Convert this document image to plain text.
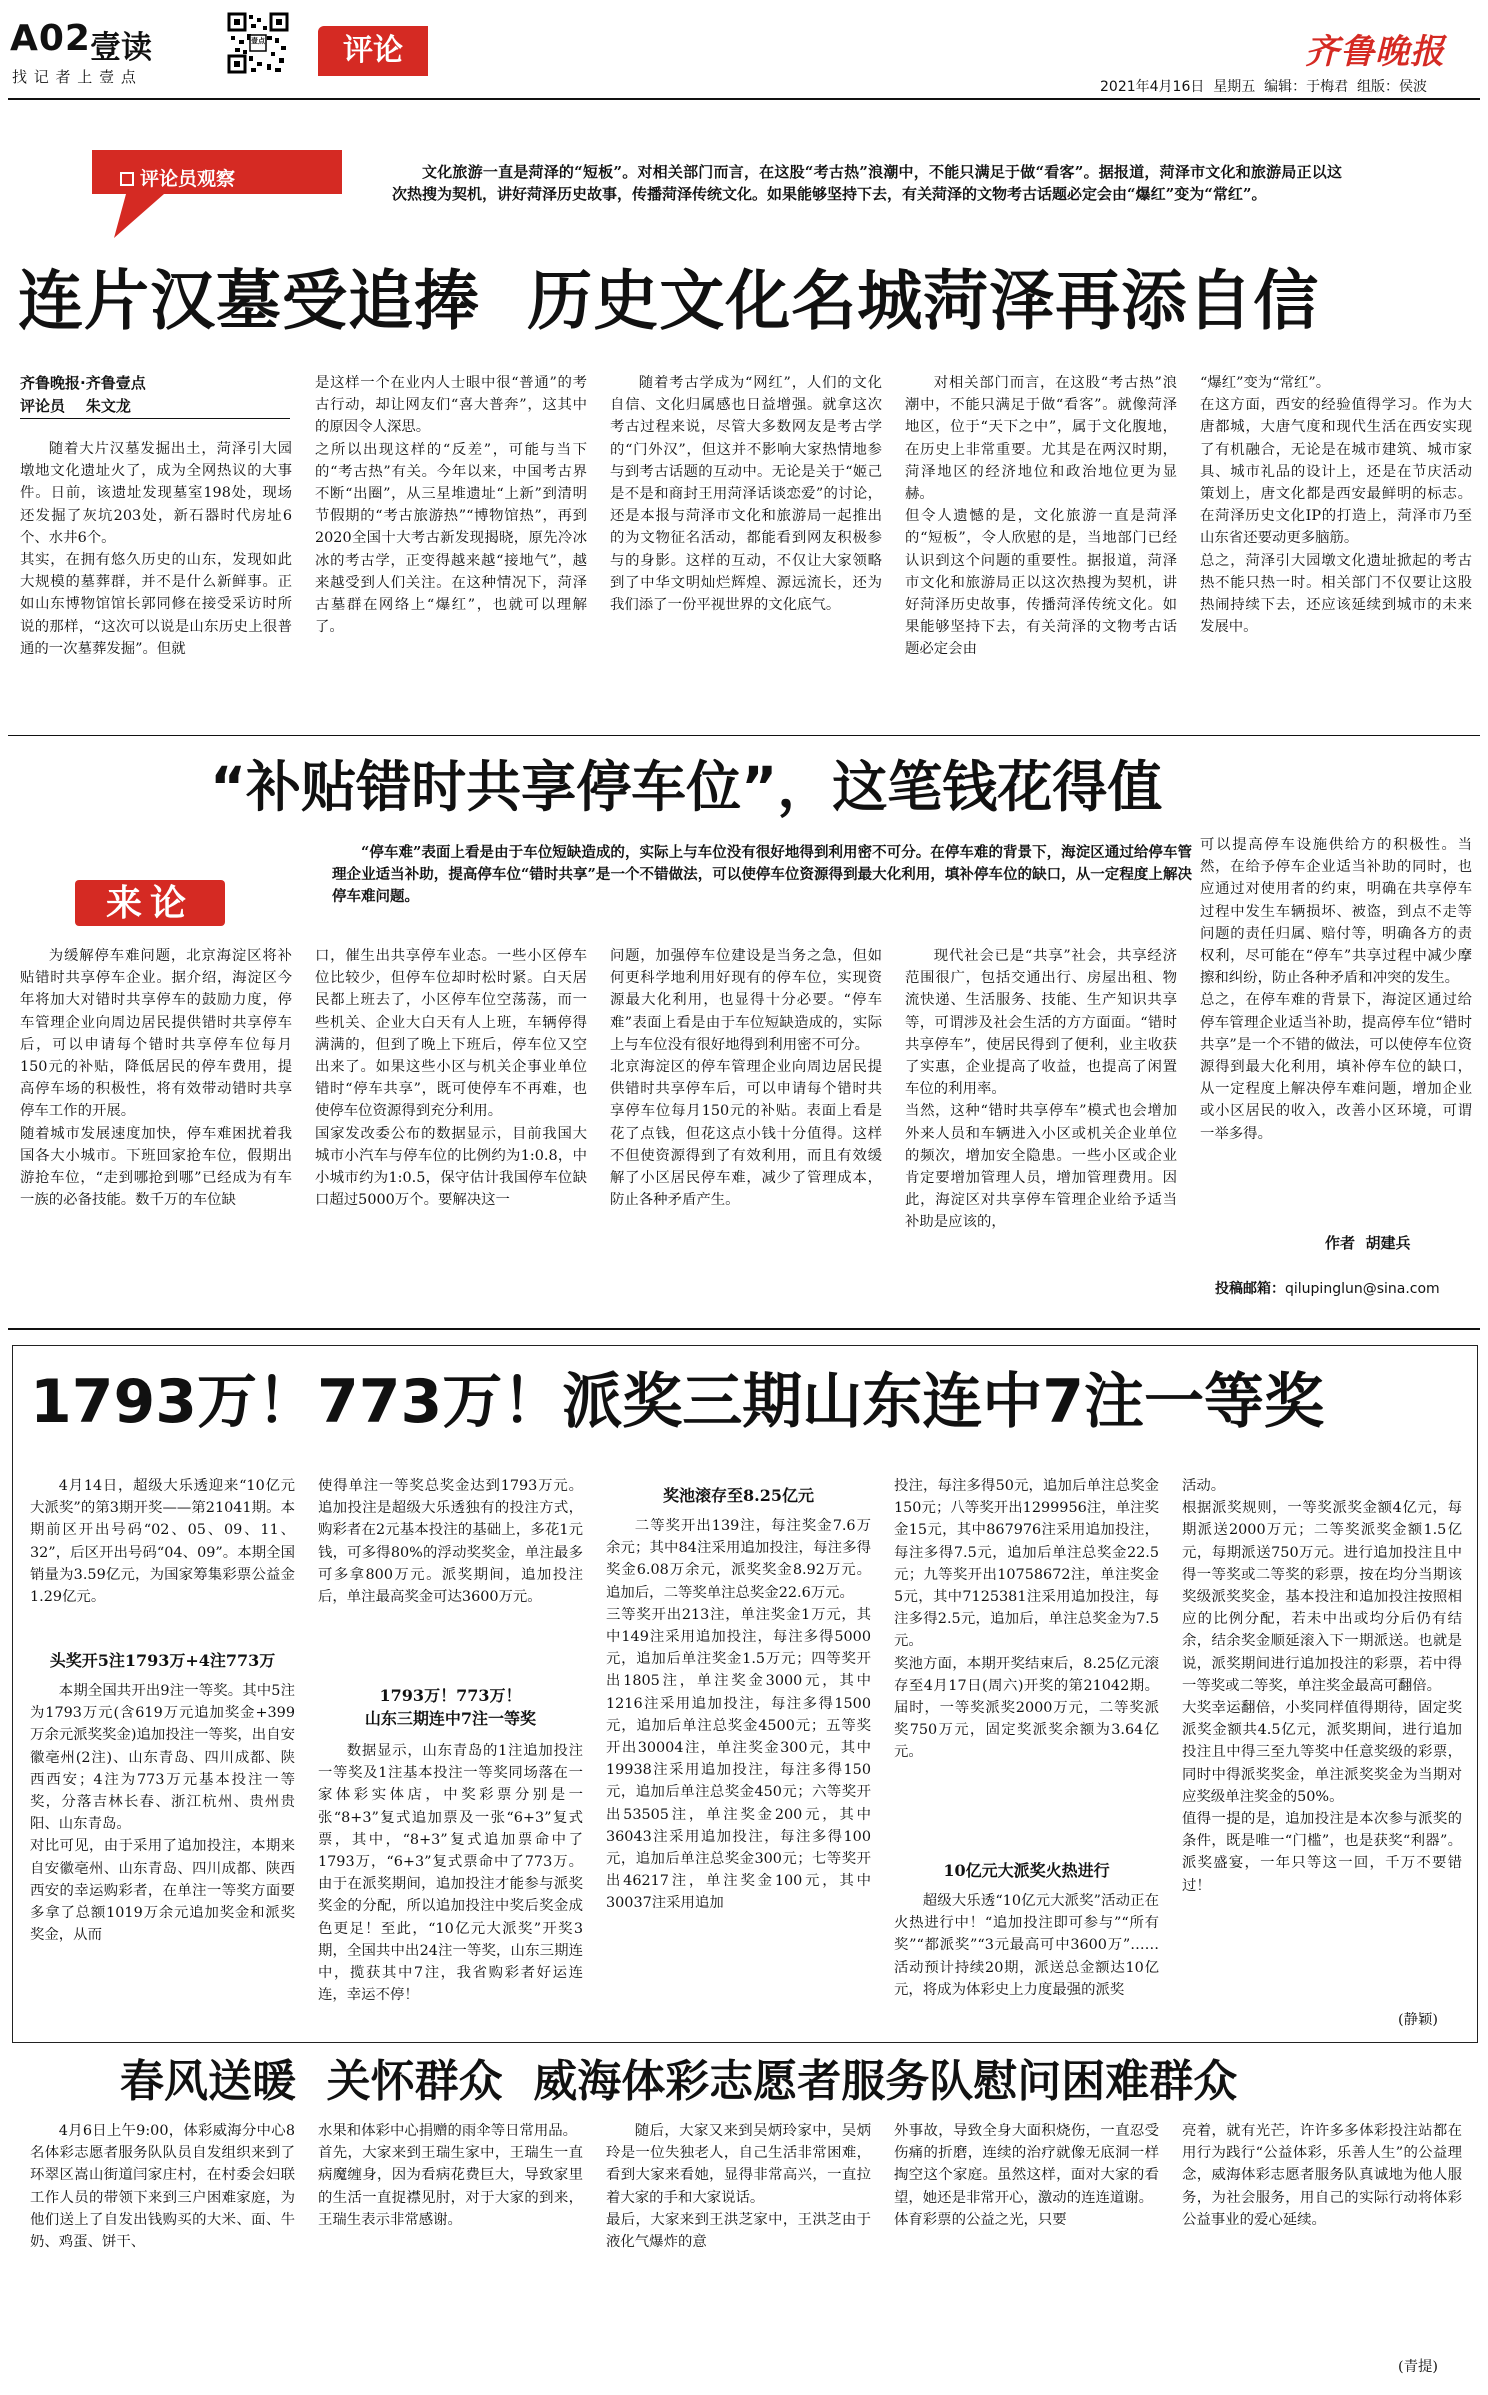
A02 壹读	壹点
找 记 者 上 壹 点
评论	齐鲁晚报
2021年4月16日  星期五  编辑：于梅君  组版：侯波
评论员观察	文化旅游一直是菏泽的“短板”。对相关部门而言，在这股“考古热”浪潮中，不能只满足于做“看客”。据报道，菏泽市文化和旅游局正以这次热搜为契机，讲好菏泽历史故事，传播菏泽传统文化。如果能够坚持下去，有关菏泽的文物考古话题必定会由“爆红”变为“常红”。
连片汉墓受追捧  历史文化名城菏泽再添自信
齐鲁晚报·齐鲁壹点
评论员    朱文龙
随着大片汉墓发掘出土，菏泽引大园墩地文化遗址火了，成为全网热议的大事件。日前，该遗址发现墓室198处，现场还发掘了灰坑203处，新石器时代房址6个、水井6个。
其实，在拥有悠久历史的山东，发现如此大规模的墓葬群，并不是什么新鲜事。正如山东博物馆馆长郭同修在接受采访时所说的那样，“这次可以说是山东历史上很普通的一次墓葬发掘”。但就
是这样一个在业内人士眼中很“普通”的考古行动，却让网友们“喜大普奔”，这其中的原因令人深思。
之所以出现这样的“反差”，可能与当下的“考古热”有关。今年以来，中国考古界不断“出圈”，从三星堆遗址“上新”到清明节假期的“考古旅游热”“博物馆热”，再到2020全国十大考古新发现揭晓，原先冷冰冰的考古学，正变得越来越“接地气”，越来越受到人们关注。在这种情况下，菏泽古墓群在网络上“爆红”，也就可以理解了。
随着考古学成为“网红”，人们的文化自信、文化归属感也日益增强。就拿这次考古过程来说，尽管大多数网友是考古学的“门外汉”，但这并不影响大家热情地参与到考古话题的互动中。无论是关于“姬己是不是和商封王用菏泽话谈恋爱”的讨论，还是本报与菏泽市文化和旅游局一起推出的为文物征名活动，都能看到网友积极参与的身影。这样的互动，不仅让大家领略到了中华文明灿烂辉煌、源远流长，还为我们添了一份平视世界的文化底气。
对相关部门而言，在这股“考古热”浪潮中，不能只满足于做“看客”。就像菏泽地区，位于“天下之中”，属于文化腹地，在历史上非常重要。尤其是在两汉时期，菏泽地区的经济地位和政治地位更为显赫。
但令人遗憾的是，文化旅游一直是菏泽的“短板”，令人欣慰的是，当地部门已经认识到这个问题的重要性。据报道，菏泽市文化和旅游局正以这次热搜为契机，讲好菏泽历史故事，传播菏泽传统文化。如果能够坚持下去，有关菏泽的文物考古话题必定会由
“爆红”变为“常红”。
在这方面，西安的经验值得学习。作为大唐都城，大唐气度和现代生活在西安实现了有机融合，无论是在城市建筑、城市家具、城市礼品的设计上，还是在节庆活动策划上，唐文化都是西安最鲜明的标志。在菏泽历史文化IP的打造上，菏泽市乃至山东省还要动更多脑筋。
总之，菏泽引大园墩文化遗址掀起的考古热不能只热一时。相关部门不仅要让这股热闹持续下去，还应该延续到城市的未来发展中。
“补贴错时共享停车位”，这笔钱花得值
“停车难”表面上看是由于车位短缺造成的，实际上与车位没有很好地得到利用密不可分。在停车难的背景下，海淀区通过给停车管理企业适当补助，提高停车位“错时共享”是一个不错做法，可以使停车位资源得到最大化利用，填补停车位的缺口，从一定程度上解决停车难问题。
来论
为缓解停车难问题，北京海淀区将补贴错时共享停车企业。据介绍，海淀区今年将加大对错时共享停车的鼓励力度，停车管理企业向周边居民提供错时共享停车后，可以申请每个错时共享停车位每月150元的补贴，降低居民的停车费用，提高停车场的积极性，将有效带动错时共享停车工作的开展。
随着城市发展速度加快，停车难困扰着我国各大小城市。下班回家抢车位，假期出游抢车位，“走到哪抢到哪”已经成为有车一族的必备技能。数千万的车位缺
口，催生出共享停车业态。一些小区停车位比较少，但停车位却时松时紧。白天居民都上班去了，小区停车位空荡荡，而一些机关、企业大白天有人上班，车辆停得满满的，但到了晚上下班后，停车位又空出来了。如果这些小区与机关企事业单位错时“停车共享”，既可使停车不再难，也使停车位资源得到充分利用。
国家发改委公布的数据显示，目前我国大城市小汽车与停车位的比例约为1:0.8，中小城市约为1:0.5，保守估计我国停车位缺口超过5000万个。要解决这一
问题，加强停车位建设是当务之急，但如何更科学地利用好现有的停车位，实现资源最大化利用，也显得十分必要。“停车难”表面上看是由于车位短缺造成的，实际上与车位没有很好地得到利用密不可分。
北京海淀区的停车管理企业向周边居民提供错时共享停车后，可以申请每个错时共享停车位每月150元的补贴。表面上看是花了点钱，但花这点小钱十分值得。这样不但使资源得到了有效利用，而且有效缓解了小区居民停车难，减少了管理成本，防止各种矛盾产生。
现代社会已是“共享”社会，共享经济范围很广，包括交通出行、房屋出租、物流快递、生活服务、技能、生产知识共享等，可谓涉及社会生活的方方面面。“错时共享停车”，使居民得到了便利，业主收获了实惠，企业提高了收益，也提高了闲置车位的利用率。
当然，这种“错时共享停车”模式也会增加外来人员和车辆进入小区或机关企业单位的频次，增加安全隐患。一些小区或企业肯定要增加管理人员，增加管理费用。因此，海淀区对共享停车管理企业给予适当补助是应该的，
可以提高停车设施供给方的积极性。当然，在给予停车企业适当补助的同时，也应通过对使用者的约束，明确在共享停车过程中发生车辆损坏、被盗，到点不走等问题的责任归属、赔付等，明确各方的责权利，尽可能在“停车”共享过程中减少摩擦和纠纷，防止各种矛盾和冲突的发生。
总之，在停车难的背景下，海淀区通过给停车管理企业适当补助，提高停车位“错时共享”是一个不错的做法，可以使停车位资源得到最大化利用，填补停车位的缺口，从一定程度上解决停车难问题，增加企业或小区居民的收入，改善小区环境，可谓一举多得。
作者  胡建兵
投稿邮箱：qilupinglun@sina.com
1793万！773万！派奖三期山东连中7注一等奖
4月14日，超级大乐透迎来“10亿元大派奖”的第3期开奖——第21041期。本期前区开出号码“02、05、09、11、32”，后区开出号码“04、09”。本期全国销量为3.59亿元，为国家筹集彩票公益金1.29亿元。
头奖开5注1793万+4注773万
本期全国共开出9注一等奖。其中5注为1793万元(含619万元追加奖金+399万余元派奖奖金)追加投注一等奖，出自安徽亳州(2注)、山东青岛、四川成都、陕西西安；4注为773万元基本投注一等奖，分落吉林长春、浙江杭州、贵州贵阳、山东青岛。
对比可见，由于采用了追加投注，本期来自安徽亳州、山东青岛、四川成都、陕西西安的幸运购彩者，在单注一等奖方面要多拿了总额1019万余元追加奖金和派奖奖金，从而
使得单注一等奖总奖金达到1793万元。追加投注是超级大乐透独有的投注方式，购彩者在2元基本投注的基础上，多花1元钱，可多得80%的浮动奖奖金，单注最多可多拿800万元。派奖期间，追加投注后，单注最高奖金可达3600万元。
1793万！773万！
山东三期连中7注一等奖
数据显示，山东青岛的1注追加投注一等奖及1注基本投注一等奖同场落在一家体彩实体店，中奖彩票分别是一张“8+3”复式追加票及一张“6+3”复式票，其中，“8+3”复式追加票命中了1793万，“6+3”复式票命中了773万。由于在派奖期间，追加投注才能参与派奖奖金的分配，所以追加投注中奖后奖金成色更足！至此，“10亿元大派奖”开奖3期，全国共中出24注一等奖，山东三期连中，揽获其中7注，我省购彩者好运连连，幸运不停！
奖池滚存至8.25亿元
二等奖开出139注，每注奖金7.6万余元；其中84注采用追加投注，每注多得奖金6.08万余元，派奖奖金8.92万元。追加后，二等奖单注总奖金22.6万元。
三等奖开出213注，单注奖金1万元，其中149注采用追加投注，每注多得5000元，追加后单注奖金1.5万元；四等奖开出1805注，单注奖金3000元，其中1216注采用追加投注，每注多得1500元，追加后单注总奖金4500元；五等奖开出30004注，单注奖金300元，其中19938注采用追加投注，每注多得150元，追加后单注总奖金450元；六等奖开出53505注，单注奖金200元，其中36043注采用追加投注，每注多得100元，追加后单注总奖金300元；七等奖开出46217注，单注奖金100元，其中30037注采用追加
投注，每注多得50元，追加后单注总奖金150元；八等奖开出1299956注，单注奖金15元，其中867976注采用追加投注，每注多得7.5元，追加后单注总奖金22.5元；九等奖开出10758672注，单注奖金5元，其中7125381注采用追加投注，每注多得2.5元，追加后，单注总奖金为7.5元。
奖池方面，本期开奖结束后，8.25亿元滚存至4月17日(周六)开奖的第21042期。届时，一等奖派奖2000万元，二等奖派奖750万元，固定奖派奖余额为3.64亿元。
10亿元大派奖火热进行
超级大乐透“10亿元大派奖”活动正在火热进行中！“追加投注即可参与”“所有奖”“都派奖”“3元最高可中3600万”……活动预计持续20期，派送总金额达10亿元，将成为体彩史上力度最强的派奖
活动。
根据派奖规则，一等奖派奖金额4亿元，每期派送2000万元；二等奖派奖金额1.5亿元，每期派送750万元。进行追加投注且中得一等奖或二等奖的彩票，按在均分当期该奖级派奖奖金，基本投注和追加投注按照相应的比例分配，若未中出或均分后仍有结余，结余奖金顺延滚入下一期派送。也就是说，派奖期间进行追加投注的彩票，若中得一等奖或二等奖，单注奖金最高可翻倍。
大奖幸运翻倍，小奖同样值得期待，固定奖派奖金额共4.5亿元，派奖期间，进行追加投注且中得三至九等奖中任意奖级的彩票，同时中得派奖奖金，单注派奖奖金为当期对应奖级单注奖金的50%。
值得一提的是，追加投注是本次参与派奖的条件，既是唯一“门槛”，也是获奖“利器”。派奖盛宴，一年只等这一回，千万不要错过！
(静颖)
春风送暖  关怀群众  威海体彩志愿者服务队慰问困难群众
4月6日上午9:00，体彩威海分中心8名体彩志愿者服务队队员自发组织来到了环翠区嵩山街道闫家庄村，在村委会妇联工作人员的带领下来到三户困难家庭，为他们送上了自发出钱购买的大米、面、牛奶、鸡蛋、饼干、
水果和体彩中心捐赠的雨伞等日常用品。
首先，大家来到王瑞生家中，王瑞生一直病魔缠身，因为看病花费巨大，导致家里的生活一直捉襟见肘，对于大家的到来，王瑞生表示非常感谢。
随后，大家又来到吴炳玲家中，吴炳玲是一位失独老人，自己生活非常困难，看到大家来看她，显得非常高兴，一直拉着大家的手和大家说话。
最后，大家来到王洪芝家中，王洪芝由于液化气爆炸的意
外事故，导致全身大面积烧伤，一直忍受伤痛的折磨，连续的治疗就像无底洞一样掏空这个家庭。虽然这样，面对大家的看望，她还是非常开心，激动的连连道谢。
体育彩票的公益之光，只要
亮着，就有光芒，许许多多体彩投注站都在用行为践行“公益体彩，乐善人生”的公益理念，威海体彩志愿者服务队真诚地为他人服务，为社会服务，用自己的实际行动将体彩公益事业的爱心延续。
(青提)
